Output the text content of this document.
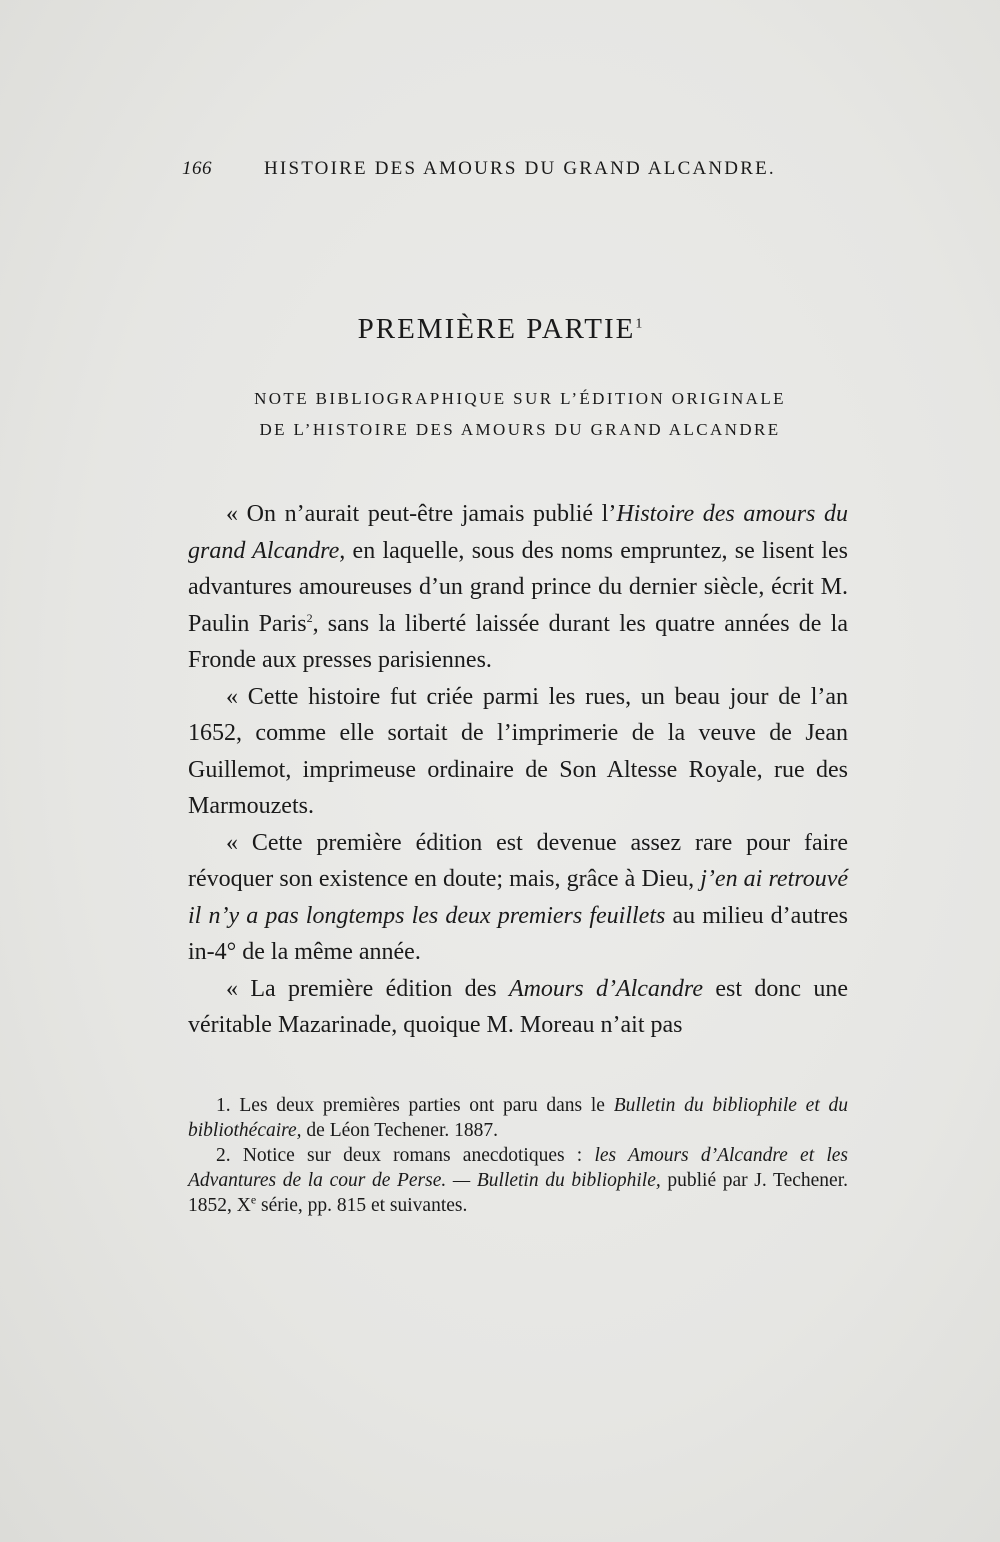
166	HISTOIRE DES AMOURS DU GRAND ALCANDRE.
PREMIÈRE PARTIE$^1$
NOTE BIBLIOGRAPHIQUE SUR L’ÉDITION ORIGINALE
DE L’HISTOIRE DES AMOURS DU GRAND ALCANDRE

« On n’aurait peut-être jamais publié l’Histoire des amours du grand Alcandre, en laquelle, sous des noms empruntez, se lisent les advantures amoureuses d’un grand prince du dernier siècle, écrit M. Paulin Paris$^2$, sans la liberté laissée durant les quatre années de la Fronde aux presses parisiennes.

« Cette histoire fut criée parmi les rues, un beau jour de l’an 1652, comme elle sortait de l’imprimerie de la veuve de Jean Guillemot, imprimeuse ordinaire de Son Altesse Royale, rue des Marmouzets.

« Cette première édition est devenue assez rare pour faire révoquer son existence en doute; mais, grâce à Dieu, j’en ai retrouvé il n’y a pas longtemps les deux premiers feuillets au milieu d’autres in-4° de la même année.

« La première édition des Amours d’Alcandre est donc une véritable Mazarinade, quoique M. Moreau n’ait pas

1. Les deux premières parties ont paru dans le Bulletin du bibliophile et du bibliothécaire, de Léon Techener. 1887.

2. Notice sur deux romans anecdotiques : les Amours d’Alcandre et les Advantures de la cour de Perse. — Bulletin du bibliophile, publié par J. Techener. 1852, Xe série, pp. 815 et suivantes.
